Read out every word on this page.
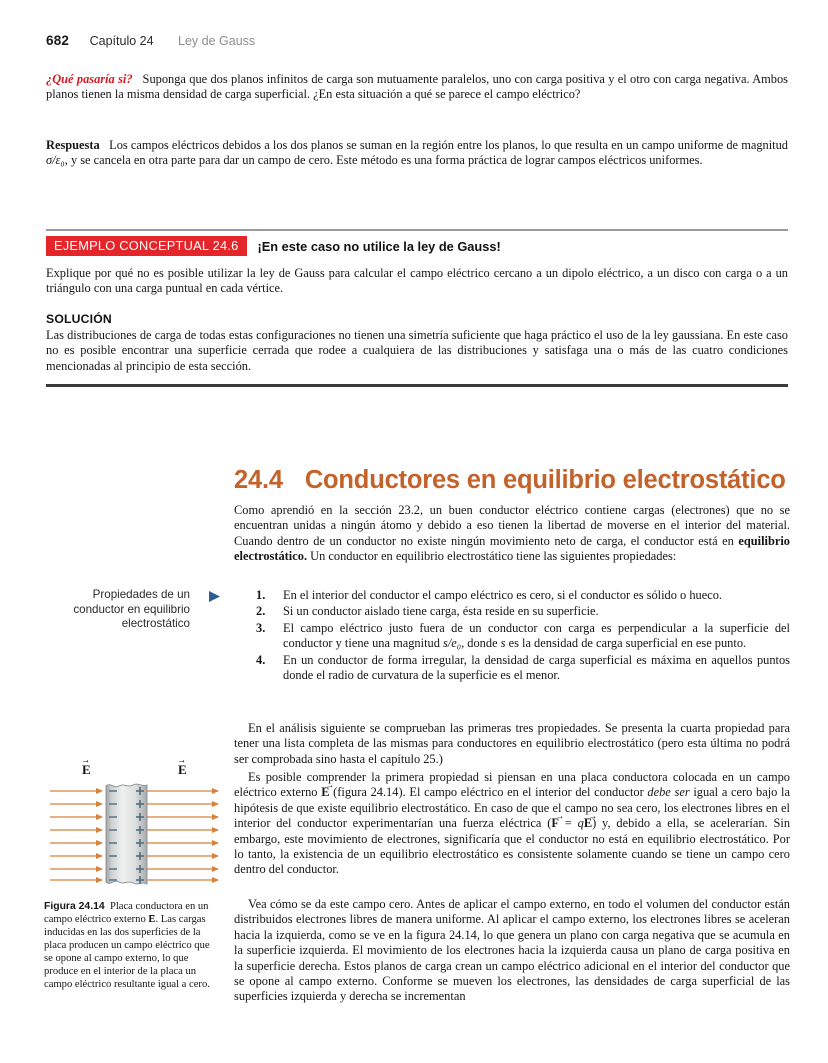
682 Capítulo 24 Ley de Gauss
¿Qué pasaría si? Suponga que dos planos infinitos de carga son mutuamente paralelos, uno con carga positiva y el otro con carga negativa. Ambos planos tienen la misma densidad de carga superficial. ¿En esta situación a qué se parece el campo eléctrico?
Respuesta Los campos eléctricos debidos a los dos planos se suman en la región entre los planos, lo que resulta en un campo uniforme de magnitud σ/ε₀, y se cancela en otra parte para dar un campo de cero. Este método es una forma práctica de lograr campos eléctricos uniformes.
EJEMPLO CONCEPTUAL 24.6 ¡En este caso no utilice la ley de Gauss!
Explique por qué no es posible utilizar la ley de Gauss para calcular el campo eléctrico cercano a un dipolo eléctrico, a un disco con carga o a un triángulo con una carga puntual en cada vértice.
SOLUCIÓN
Las distribuciones de carga de todas estas configuraciones no tienen una simetría suficiente que haga práctico el uso de la ley gaussiana. En este caso no es posible encontrar una superficie cerrada que rodee a cualquiera de las distribuciones y satisfaga una o más de las cuatro condiciones mencionadas al principio de esta sección.
24.4 Conductores en equilibrio electrostático
Como aprendió en la sección 23.2, un buen conductor eléctrico contiene cargas (electrones) que no se encuentran unidas a ningún átomo y debido a eso tienen la libertad de moverse en el interior del material. Cuando dentro de un conductor no existe ningún movimiento neto de carga, el conductor está en equilibrio electrostático. Un conductor en equilibrio electrostático tiene las siguientes propiedades:
Propiedades de un
conductor en equilibrio
electrostático
1. En el interior del conductor el campo eléctrico es cero, si el conductor es sólido o hueco.
2. Si un conductor aislado tiene carga, ésta reside en su superficie.
3. El campo eléctrico justo fuera de un conductor con carga es perpendicular a la superficie del conductor y tiene una magnitud s/e₀, donde s es la densidad de carga superficial en ese punto.
4. En un conductor de forma irregular, la densidad de carga superficial es máxima en aquellos puntos donde el radio de curvatura de la superficie es el menor.
En el análisis siguiente se comprueban las primeras tres propiedades. Se presenta la cuarta propiedad para tener una lista completa de las mismas para conductores en equilibrio electrostático (pero esta última no podrá ser comprobada sino hasta el capítulo 25.)
Es posible comprender la primera propiedad si piensan en una placa conductora colocada en un campo eléctrico externo E → (figura 24.14). El campo eléctrico en el interior del conductor debe ser igual a cero bajo la hipótesis de que existe equilibrio electrostático. En caso de que el campo no sea cero, los electrones libres en el interior del conductor experimentarían una fuerza eléctrica (F → = qE →) y, debido a ella, se acelerarían. Sin embargo, este movimiento de electrones, significaría que el conductor no está en equilibrio electrostático. Por lo tanto, la existencia de un equilibrio electrostático es consistente solamente cuando se tiene un campo cero dentro del conductor.
Vea cómo se da este campo cero. Antes de aplicar el campo externo, en todo el volumen del conductor están distribuidos electrones libres de manera uniforme. Al aplicar el campo externo, los electrones libres se aceleran hacia la izquierda, como se ve en la figura 24.14, lo que genera un plano con carga negativa que se acumula en la superficie izquierda. El movimiento de los electrones hacia la izquierda causa un plano de carga positiva en la superficie derecha. Estos planos de carga crean un campo eléctrico adicional en el interior del conductor que se opone al campo externo. Conforme se mueven los electrones, las densidades de carga superficial de las superficies izquierda y derecha se incrementan
E →	E →
Figura 24.14 Placa conductora en un campo eléctrico externo E →. Las cargas inducidas en las dos superficies de la placa producen un campo eléctrico que se opone al campo externo, lo que produce en el interior de la placa un campo eléctrico resultante igual a cero.
